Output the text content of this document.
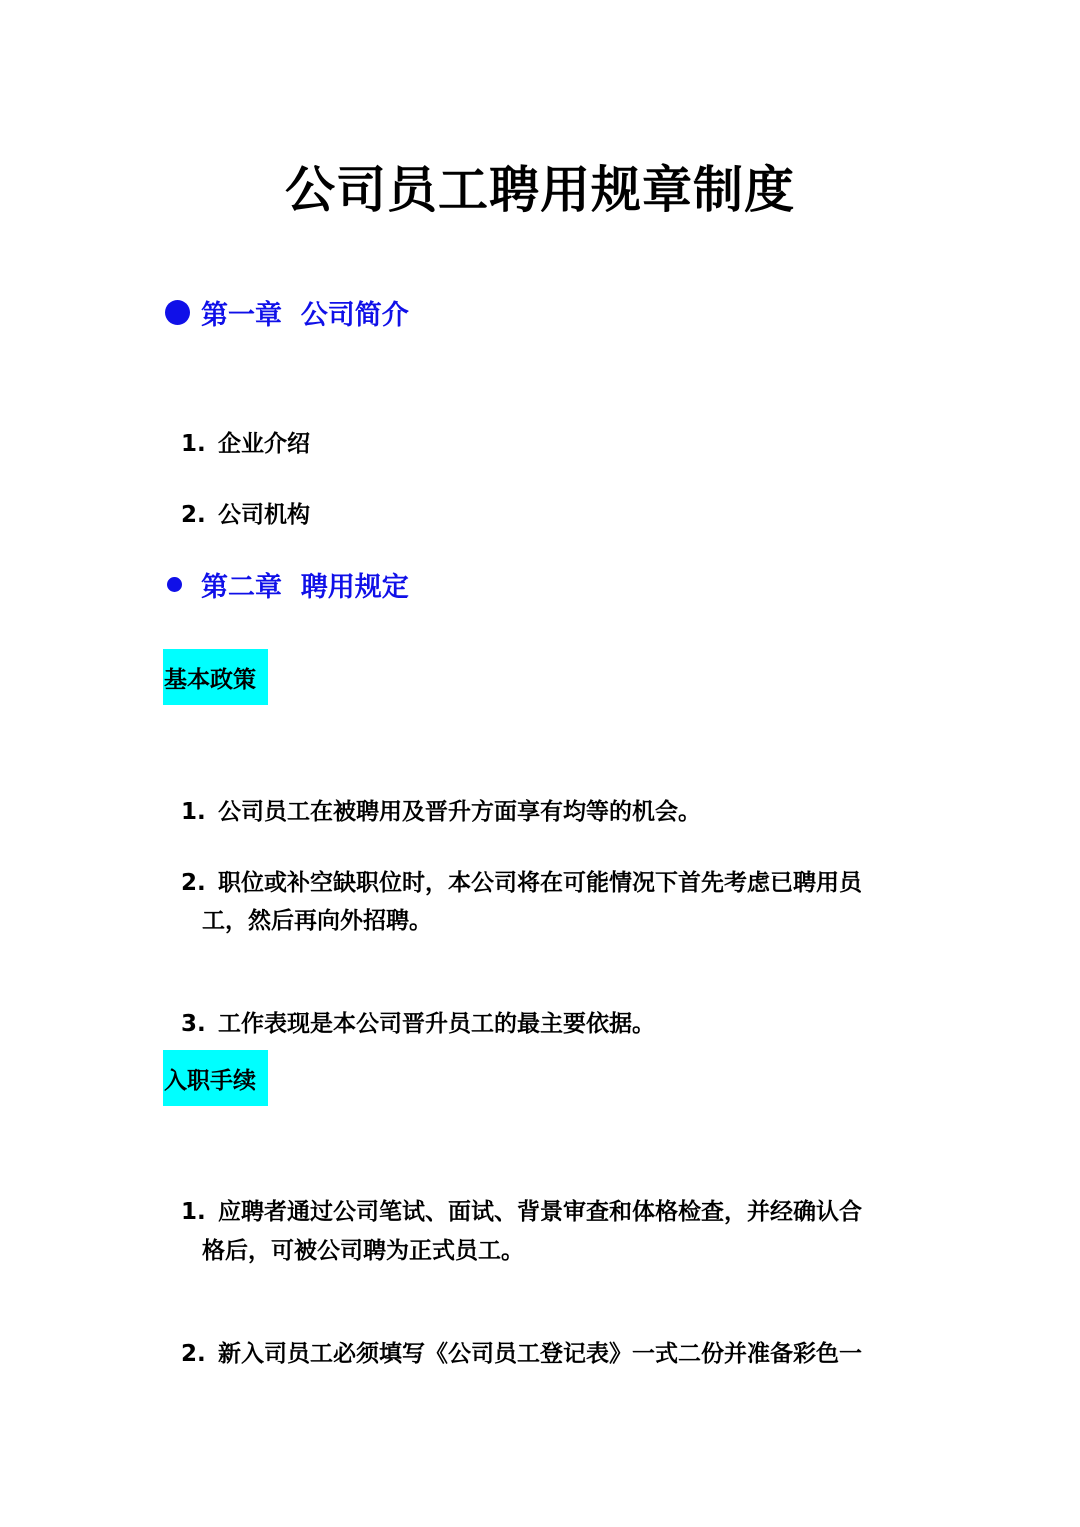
公司员工聘用规章制度
第一章  公司简介

1. 企业介绍

2. 公司机构

第二章  聘用规定
基本政策

1. 公司员工在被聘用及晋升方面享有均等的机会。

2. 职位或补空缺职位时，本公司将在可能情况下首先考虑已聘用员

工，然后再向外招聘。

3. 工作表现是本公司晋升员工的最主要依据。

入职手续

1. 应聘者通过公司笔试、面试、背景审查和体格检查，并经确认合

格后，可被公司聘为正式员工。

2. 新入司员工必须填写《公司员工登记表》一式二份并准备彩色一
